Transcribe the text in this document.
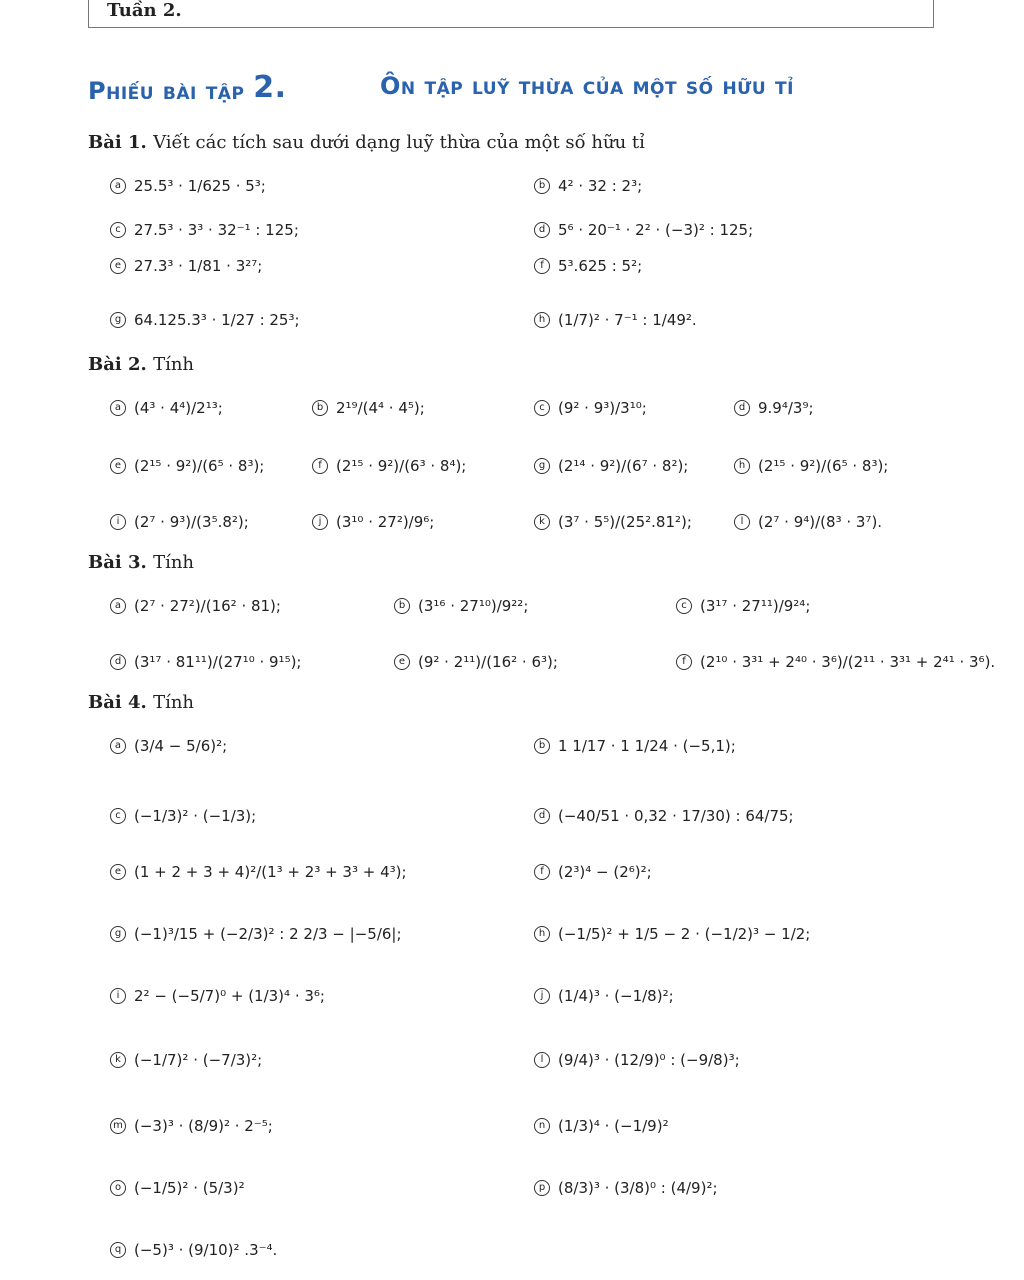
Tuần 2.
Phiếu bài tập 2.	Ôn tập luỹ thừa của một số hữu tỉ
Bài 1. Viết các tích sau dưới dạng luỹ thừa của một số hữu tỉ
a 25.5³ · 1/625 · 5³;	b 4² · 32 : 2³;
c 27.5³ · 3³ · 32⁻¹ : 125;	d 5⁶ · 20⁻¹ · 2² · (−3)² : 125;
e 27.3³ · 1/81 · 3²⁷;	f 5³.625 : 5²;
g 64.125.3³ · 1/27 : 25³;	h (1/7)² · 7⁻¹ : 1/49².
Bài 2. Tính
a (4³ · 4⁴)/2¹³;	b 2¹⁹/(4⁴ · 4⁵);	c (9² · 9³)/3¹⁰;	d 9.9⁴/3⁹;
e (2¹⁵ · 9²)/(6⁵ · 8³);	f (2¹⁵ · 9²)/(6³ · 8⁴);	g (2¹⁴ · 9²)/(6⁷ · 8²);	h (2¹⁵ · 9²)/(6⁵ · 8³);
i (2⁷ · 9³)/(3⁵.8²);	j (3¹⁰ · 27²)/9⁶;	k (3⁷ · 5⁵)/(25².81²);	l (2⁷ · 9⁴)/(8³ · 3⁷).
Bài 3. Tính
a (2⁷ · 27²)/(16² · 81);	b (3¹⁶ · 27¹⁰)/9²²;	c (3¹⁷ · 27¹¹)/9²⁴;
d (3¹⁷ · 81¹¹)/(27¹⁰ · 9¹⁵);	e (9² · 2¹¹)/(16² · 6³);	f (2¹⁰ · 3³¹ + 2⁴⁰ · 3⁶)/(2¹¹ · 3³¹ + 2⁴¹ · 3⁶).
Bài 4. Tính
a (3/4 − 5/6)²;	b 1 1/17 · 1 1/24 · (−5,1);
c (−1/3)² · (−1/3);	d (−40/51 · 0,32 · 17/30) : 64/75;
e (1 + 2 + 3 + 4)²/(1³ + 2³ + 3³ + 4³);	f (2³)⁴ − (2⁶)²;
g (−1)³/15 + (−2/3)² : 2 2/3 − |−5/6|;	h (−1/5)² + 1/5 − 2 · (−1/2)³ − 1/2;
i 2² − (−5/7)⁰ + (1/3)⁴ · 3⁶;	j (1/4)³ · (−1/8)²;
k (−1/7)² · (−7/3)²;	l (9/4)³ · (12/9)⁰ : (−9/8)³;
m (−3)³ · (8/9)² · 2⁻⁵;	n (1/3)⁴ · (−1/9)²
o (−1/5)² · (5/3)²	p (8/3)³ · (3/8)⁰ : (4/9)²;
q (−5)³ · (9/10)² .3⁻⁴.
